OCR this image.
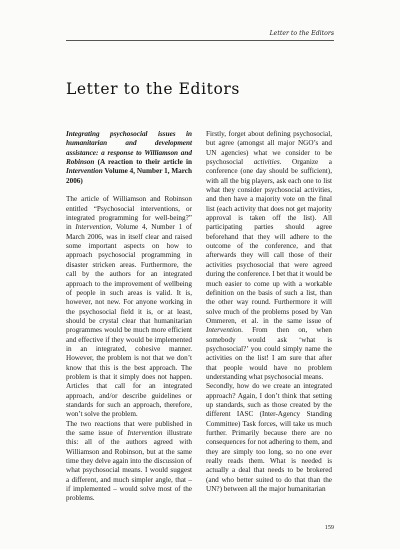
Letter to the Editors
Letter to the Editors

Integrating psychosocial issues in humanitarian and development assistance: a response to Williamson and Robinson (A reaction to their article in Intervention Volume 4, Number 1, March 2006)

The article of Williamson and Robinson entitled “Psychosocial interventions, or integrated programming for well-being?” in Intervention, Volume 4, Number 1 of March 2006, was in itself clear and raised some important aspects on how to approach psychosocial programming in disaster stricken areas. Furthermore, the call by the authors for an integrated approach to the improvement of wellbeing of people in such areas is valid. It is, however, not new. For anyone working in the psychosocial field it is, or at least, should be crystal clear that humanitarian programmes would be much more efficient and effective if they would be implemented in an integrated, cohesive manner. However, the problem is not that we don’t know that this is the best approach. The problem is that it simply does not happen. Articles that call for an integrated approach, and/or describe guidelines or standards for such an approach, therefore, won’t solve the problem.

The two reactions that were published in the same issue of Intervention illustrate this: all of the authors agreed with Williamson and Robinson, but at the same time they delve again into the discussion of what psychosocial means. I would suggest a different, and much simpler angle, that – if implemented – would solve most of the problems.

Firstly, forget about defining psychosocial, but agree (amongst all major NGO’s and UN agencies) what we consider to be psychosocial activities. Organize a conference (one day should be sufficient), with all the big players, ask each one to list what they consider psychosocial activities, and then have a majority vote on the final list (each activity that does not get majority approval is taken off the list). All participating parties should agree beforehand that they will adhere to the outcome of the conference, and that afterwards they will call those of their activities psychosocial that were agreed during the conference. I bet that it would be much easier to come up with a workable definition on the basis of such a list, than the other way round. Furthermore it will solve much of the problems posed by Van Ommeren, et al. in the same issue of Intervention. From then on, when somebody would ask ‘what is psychosocial?’ you could simply name the activities on the list! I am sure that after that people would have no problem understanding what psychosocial means.

Secondly, how do we create an integrated approach? Again, I don’t think that setting up standards, such as those created by the different IASC (Inter-Agency Standing Committee) Task forces, will take us much further. Primarily because there are no consequences for not adhering to them, and they are simply too long, so no one ever really reads them. What is needed is actually a deal that needs to be brokered (and who better suited to do that than the UN?) between all the major humanitarian

159
